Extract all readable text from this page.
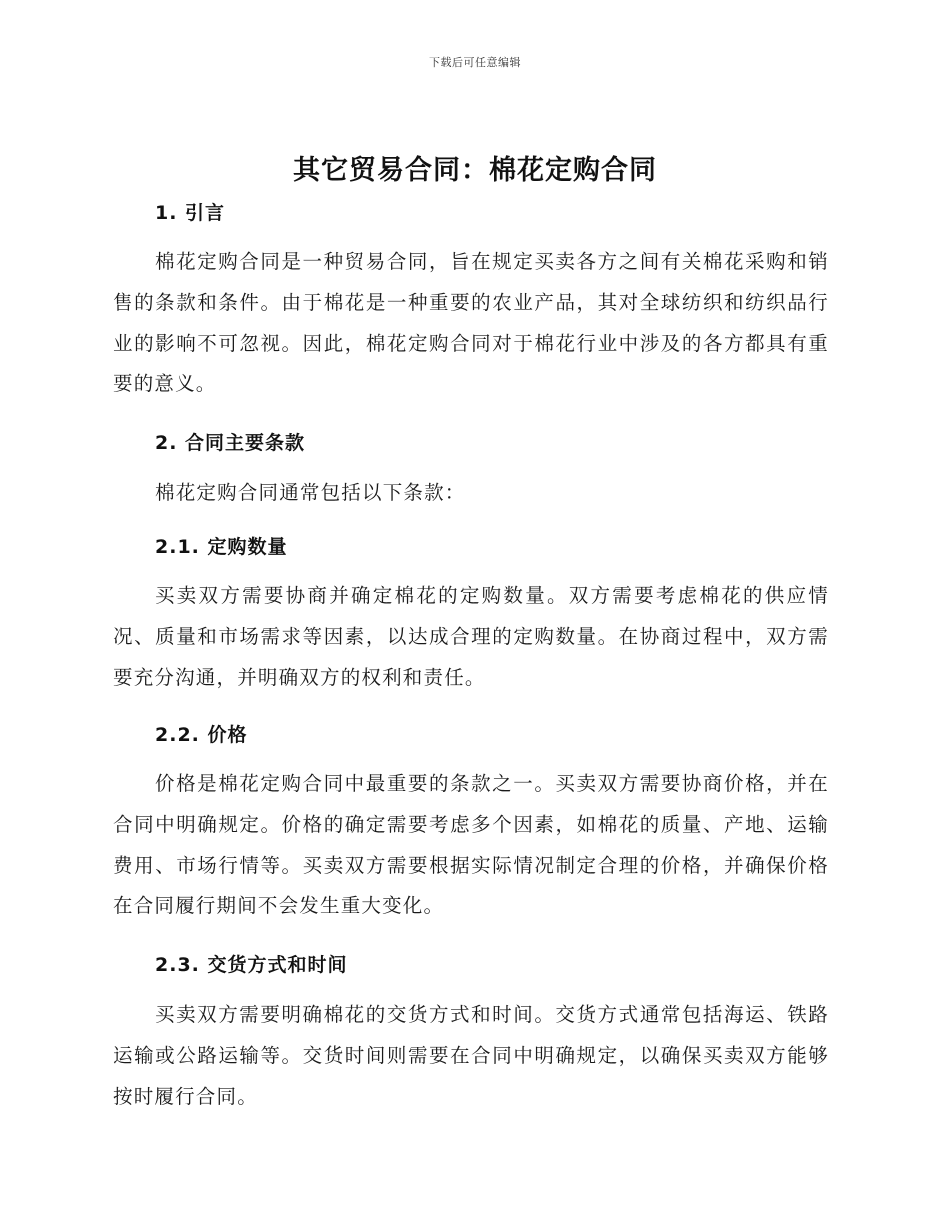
下载后可任意编辑
其它贸易合同：棉花定购合同
1. 引言

棉花定购合同是一种贸易合同，旨在规定买卖各方之间有关棉花采购和销售的条款和条件。由于棉花是一种重要的农业产品，其对全球纺织和纺织品行业的影响不可忽视。因此，棉花定购合同对于棉花行业中涉及的各方都具有重要的意义。

2. 合同主要条款

棉花定购合同通常包括以下条款：

2.1. 定购数量

买卖双方需要协商并确定棉花的定购数量。双方需要考虑棉花的供应情况、质量和市场需求等因素，以达成合理的定购数量。在协商过程中，双方需要充分沟通，并明确双方的权利和责任。

2.2. 价格

价格是棉花定购合同中最重要的条款之一。买卖双方需要协商价格，并在合同中明确规定。价格的确定需要考虑多个因素，如棉花的质量、产地、运输费用、市场行情等。买卖双方需要根据实际情况制定合理的价格，并确保价格在合同履行期间不会发生重大变化。

2.3. 交货方式和时间

买卖双方需要明确棉花的交货方式和时间。交货方式通常包括海运、铁路运输或公路运输等。交货时间则需要在合同中明确规定，以确保买卖双方能够按时履行合同。
